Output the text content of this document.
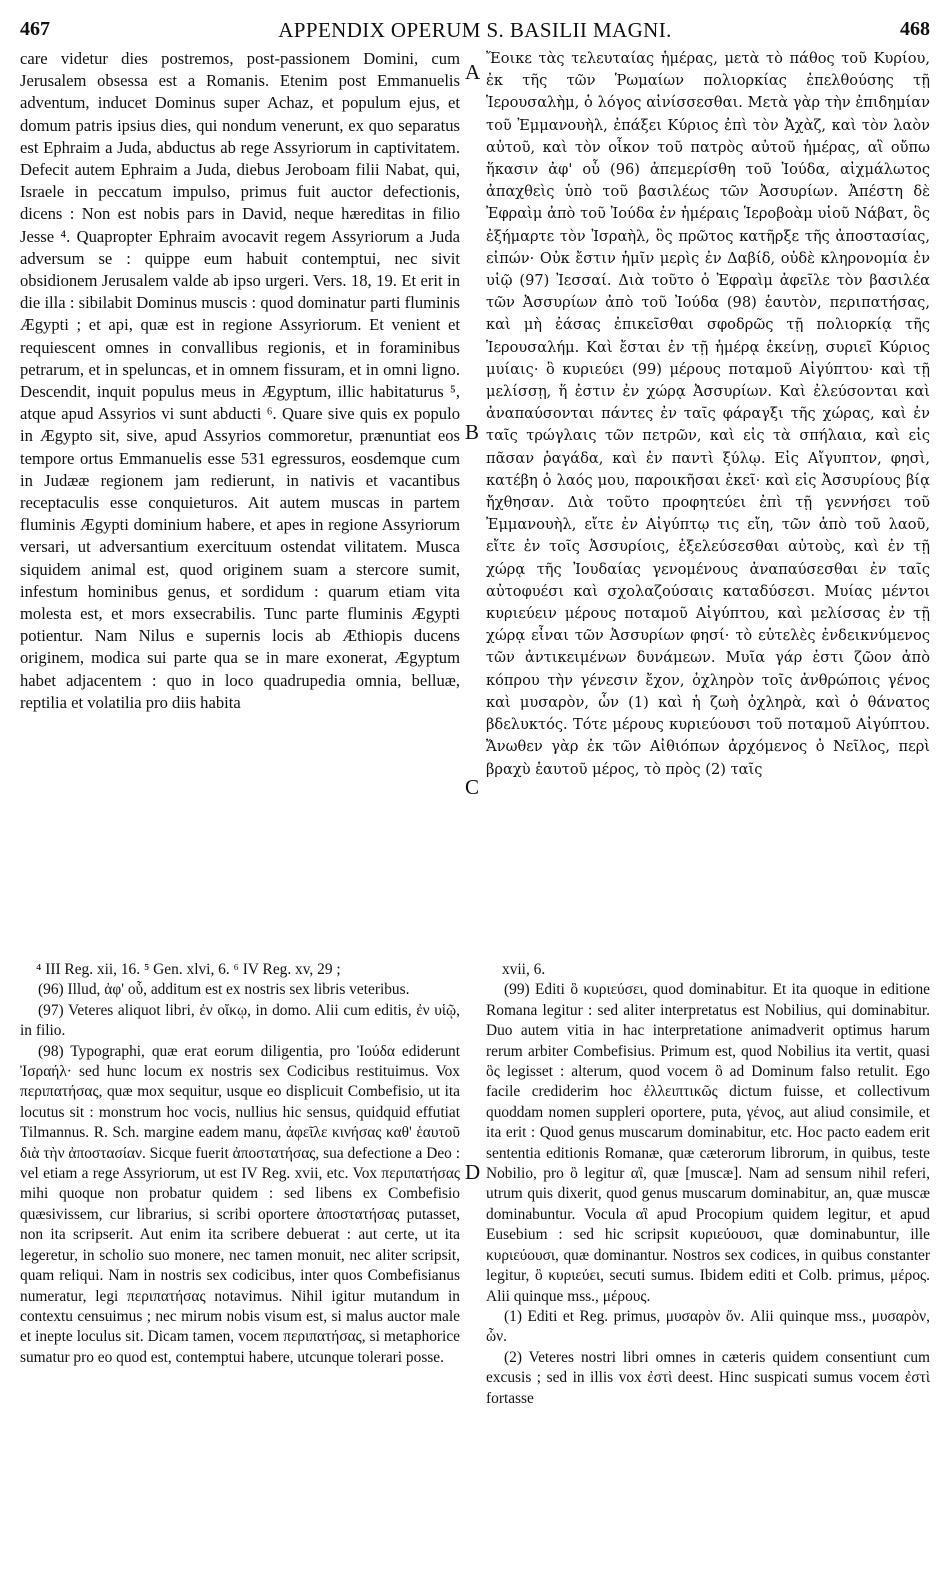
467	APPENDIX OPERUM S. BASILII MAGNI.	468

care videtur dies postremos, post-passionem Domini, cum Jerusalem obsessa est a Romanis. Etenim post Emmanuelis adventum, inducet Dominus super Achaz, et populum ejus, et domum patris ipsius dies, qui nondum venerunt, ex quo separatus est Ephraim a Juda, abductus ab rege Assyriorum in captivitatem. Defecit autem Ephraim a Juda, diebus Jeroboam filii Nabat, qui, Israele in peccatum impulso, primus fuit auctor defectionis, dicens : Non est nobis pars in David, neque hæreditas in filio Jesse ⁴. Quapropter Ephraim avocavit regem Assyriorum a Juda adversum se : quippe eum habuit contemptui, nec sivit obsidionem Jerusalem valde ab ipso urgeri. Vers. 18, 19. Et erit in die illa : sibilabit Dominus muscis : quod dominatur parti fluminis Ægypti ; et api, quæ est in regione Assyriorum. Et venient et requiescent omnes in convallibus regionis, et in foraminibus petrarum, et in speluncas, et in omnem fissuram, et in omni ligno. Descendit, inquit populus meus in Ægyptum, illic habitaturus ⁵, atque apud Assyrios vi sunt abducti ⁶. Quare sive quis ex populo in Ægypto sit, sive, apud Assyrios commoretur, prænuntiat eos tempore ortus Emmanuelis esse 531 egressuros, eosdemque cum in Judææ regionem jam redierunt, in nativis et vacantibus receptaculis esse conquieturos. Ait autem muscas in partem fluminis Ægypti dominium habere, et apes in regione Assyriorum versari, ut adversantium exercituum ostendat vilitatem. Musca siquidem animal est, quod originem suam a stercore sumit, infestum hominibus genus, et sordidum : quarum etiam vita molesta est, et mors exsecrabilis. Tunc parte fluminis Ægypti potientur. Nam Nilus e supernis locis ab Æthiopis ducens originem, modica sui parte qua se in mare exonerat, Ægyptum habet adjacentem : quo in loco quadrupedia omnia, belluæ, reptilia et volatilia pro diis habita

Ἔοικε τὰς τελευταίας ἡμέρας, μετὰ τὸ πάθος τοῦ Κυρίου, ἐκ τῆς τῶν Ῥωμαίων πολιορκίας ἐπελθούσης τῇ Ἱερουσαλὴμ, ὁ λόγος αἰνίσσεσθαι. Μετὰ γὰρ τὴν ἐπιδημίαν τοῦ Ἐμμανουὴλ, ἐπάξει Κύριος ἐπὶ τὸν Ἀχὰζ, καὶ τὸν λαὸν αὐτοῦ, καὶ τὸν οἶκον τοῦ πατρὸς αὐτοῦ ἡμέρας, αἳ οὔπω ἥκασιν ἀφ' οὗ (96) ἀπεμερίσθη τοῦ Ἰούδα, αἰχμάλωτος ἀπαχθεὶς ὑπὸ τοῦ βασιλέως τῶν Ἀσσυρίων. Ἀπέστη δὲ Ἐφραὶμ ἀπὸ τοῦ Ἰούδα ἐν ἡμέραις Ἱεροβοὰμ υἱοῦ Νάβατ, ὃς ἐξήμαρτε τὸν Ἰσραὴλ, ὃς πρῶτος κατῆρξε τῆς ἀποστασίας, εἰπών· Οὐκ ἔστιν ἡμῖν μερὶς ἐν Δαβίδ, οὐδὲ κληρονομία ἐν υἱῷ (97) Ἰεσσαί. Διὰ τοῦτο ὁ Ἐφραὶμ ἀφεῖλε τὸν βασιλέα τῶν Ἀσσυρίων ἀπὸ τοῦ Ἰούδα (98) ἑαυτὸν, περιπατήσας, καὶ μὴ ἐάσας ἐπικεῖσθαι σφοδρῶς τῇ πολιορκίᾳ τῆς Ἱερουσαλήμ. Καὶ ἔσται ἐν τῇ ἡμέρᾳ ἐκείνῃ, συριεῖ Κύριος μυίαις· ὃ κυριεύει (99) μέρους ποταμοῦ Αἰγύπτου· καὶ τῇ μελίσσῃ, ἥ ἐστιν ἐν χώρᾳ Ἀσσυρίων. Καὶ ἐλεύσονται καὶ ἀναπαύσονται πάντες ἐν ταῖς φάραγξι τῆς χώρας, καὶ ἐν ταῖς τρώγλαις τῶν πετρῶν, καὶ εἰς τὰ σπήλαια, καὶ εἰς πᾶσαν ῥαγάδα, καὶ ἐν παντὶ ξύλῳ. Εἰς Αἴγυπτον, φησὶ, κατέβη ὁ λαός μου, παροικῆσαι ἐκεῖ· καὶ εἰς Ἀσσυρίους βίᾳ ἤχθησαν. Διὰ τοῦτο προφητεύει ἐπὶ τῇ γεννήσει τοῦ Ἐμμανουὴλ, εἴτε ἐν Αἰγύπτῳ τις εἴη, τῶν ἀπὸ τοῦ λαοῦ, εἴτε ἐν τοῖς Ἀσσυρίοις, ἐξελεύσεσθαι αὐτοὺς, καὶ ἐν τῇ χώρᾳ τῆς Ἰουδαίας γενομένους ἀναπαύσεσθαι ἐν ταῖς αὐτοφυέσι καὶ σχολαζούσαις καταδύσεσι. Μυίας μέντοι κυριεύειν μέρους ποταμοῦ Αἰγύπτου, καὶ μελίσσας ἐν τῇ χώρᾳ εἶναι τῶν Ἀσσυρίων φησί· τὸ εὐτελὲς ἐνδεικνύμενος τῶν ἀντικειμένων δυνάμεων. Μυῖα γάρ ἐστι ζῶον ἀπὸ κόπρου τὴν γένεσιν ἔχον, ὀχληρὸν τοῖς ἀνθρώποις γένος καὶ μυσαρὸν, ὧν (1) καὶ ἡ ζωὴ ὀχληρὰ, καὶ ὁ θάνατος βδελυκτός. Τότε μέρους κυριεύουσι τοῦ ποταμοῦ Αἰγύπτου. Ἄνωθεν γὰρ ἐκ τῶν Αἰθιόπων ἀρχόμενος ὁ Νεῖλος, περὶ βραχὺ ἑαυτοῦ μέρος, τὸ πρὸς (2) ταῖς

A
B
C
D

⁴ III Reg. xii, 16. ⁵ Gen. xlvi, 6. ⁶ IV Reg. xv, 29 ;

(96) Illud, ἀφ' οὗ, additum est ex nostris sex libris veteribus.

(97) Veteres aliquot libri, ἐν οἴκῳ, in domo. Alii cum editis, ἐν υἱῷ, in filio.

(98) Typographi, quæ erat eorum diligentia, pro Ἰούδα ediderunt Ἰσραήλ· sed hunc locum ex nostris sex Codicibus restituimus. Vox περιπατήσας, quæ mox sequitur, usque eo displicuit Combefisio, ut ita locutus sit : monstrum hoc vocis, nullius hic sensus, quidquid effutiat Tilmannus. R. Sch. margine eadem manu, ἀφεῖλε κινήσας καθ' ἑαυτοῦ διὰ τὴν ἀποστασίαν. Sicque fuerit ἀποστατήσας, sua defectione a Deo : vel etiam a rege Assyriorum, ut est IV Reg. xvii, etc. Vox περιπατήσας mihi quoque non probatur quidem : sed libens ex Combefisio quæsivissem, cur librarius, si scribi oportere ἀποστατήσας putasset, non ita scripserit. Aut enim ita scribere debuerat : aut certe, ut ita legeretur, in scholio suo monere, nec tamen monuit, nec aliter scripsit, quam reliqui. Nam in nostris sex codicibus, inter quos Combefisianus numeratur, legi περιπατήσας notavimus. Nihil igitur mutandum in contextu censuimus ; nec mirum nobis visum est, si malus auctor male et inepte loculus sit. Dicam tamen, vocem περιπατήσας, si metaphorice sumatur pro eo quod est, contemptui habere, utcunque tolerari posse.

xvii, 6.

(99) Editi ὃ κυριεύσει, quod dominabitur. Et ita quoque in editione Romana legitur : sed aliter interpretatus est Nobilius, qui dominabitur. Duo autem vitia in hac interpretatione animadverit optimus harum rerum arbiter Combefisius. Primum est, quod Nobilius ita vertit, quasi ὃς legisset : alterum, quod vocem ὃ ad Dominum falso retulit. Ego facile crediderim hoc ἐλλειπτικῶς dictum fuisse, et collectivum quoddam nomen suppleri oportere, puta, γένος, aut aliud consimile, et ita erit : Quod genus muscarum dominabitur, etc. Hoc pacto eadem erit sententia editionis Romanæ, quæ cæterorum librorum, in quibus, teste Nobilio, pro ὃ legitur αἳ, quæ [muscæ]. Nam ad sensum nihil referi, utrum quis dixerit, quod genus muscarum dominabitur, an, quæ muscæ dominabuntur. Vocula αἳ apud Procopium quidem legitur, et apud Eusebium : sed hic scripsit κυριεύουσι, quæ dominabuntur, ille κυριεύουσι, quæ dominantur. Nostros sex codices, in quibus constanter legitur, ὃ κυριεύει, secuti sumus. Ibidem editi et Colb. primus, μέρος. Alii quinque mss., μέρους.

(1) Editi et Reg. primus, μυσαρὸν ὄν. Alii quinque mss., μυσαρὸν, ὧν.

(2) Veteres nostri libri omnes in cæteris quidem consentiunt cum excusis ; sed in illis vox ἐστὶ deest. Hinc suspicati sumus vocem ἐστὶ fortasse
